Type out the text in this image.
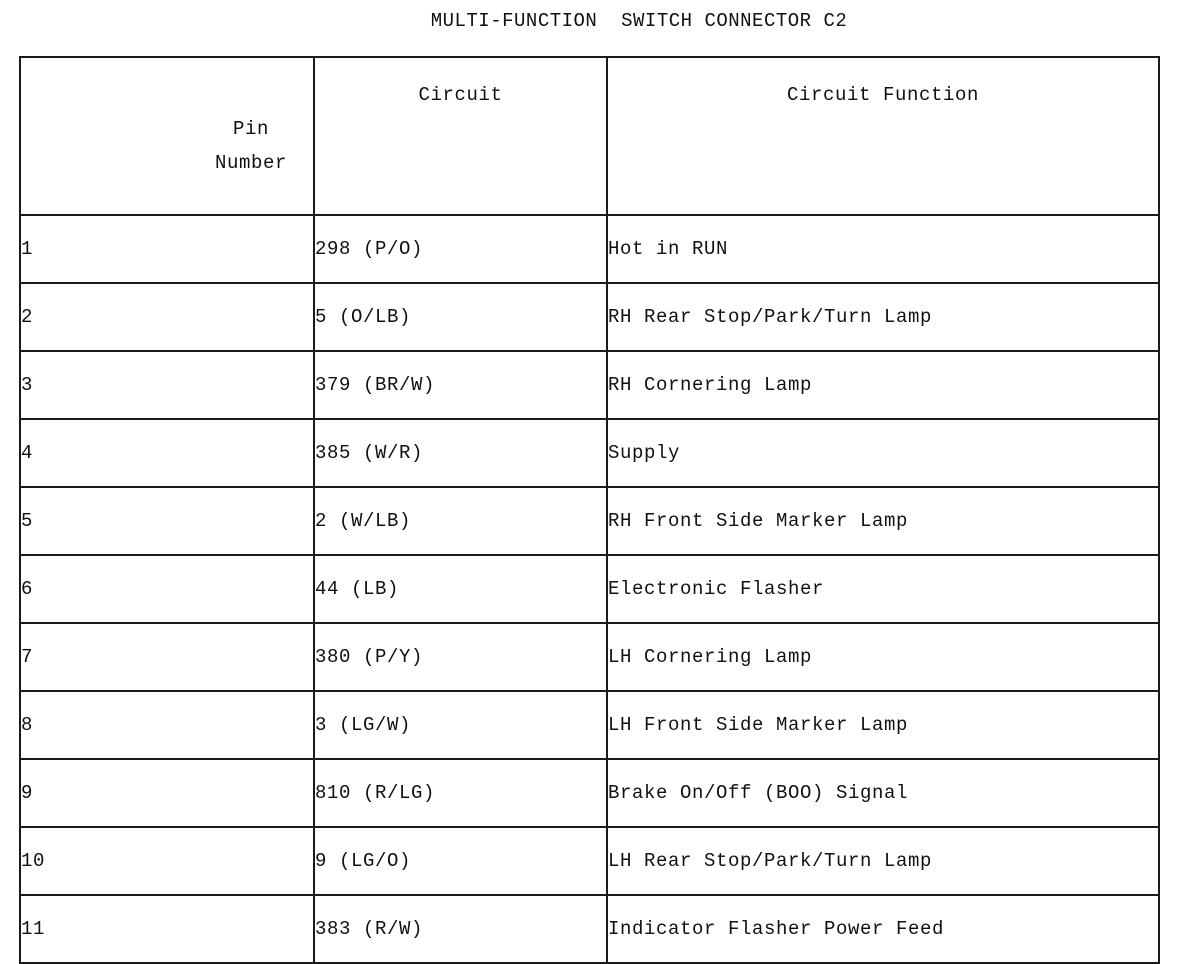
MULTI-FUNCTION  SWITCH CONNECTOR C2

Pin
Number	Circuit	Circuit Function
1	298 (P/O)	Hot in RUN
2	5 (O/LB)	RH Rear Stop/Park/Turn Lamp
3	379 (BR/W)	RH Cornering Lamp
4	385 (W/R)	Supply
5	2 (W/LB)	RH Front Side Marker Lamp
6	44 (LB)	Electronic Flasher
7	380 (P/Y)	LH Cornering Lamp
8	3 (LG/W)	LH Front Side Marker Lamp
9	810 (R/LG)	Brake On/Off (BOO) Signal
10	9 (LG/O)	LH Rear Stop/Park/Turn Lamp
11	383 (R/W)	Indicator Flasher Power Feed
